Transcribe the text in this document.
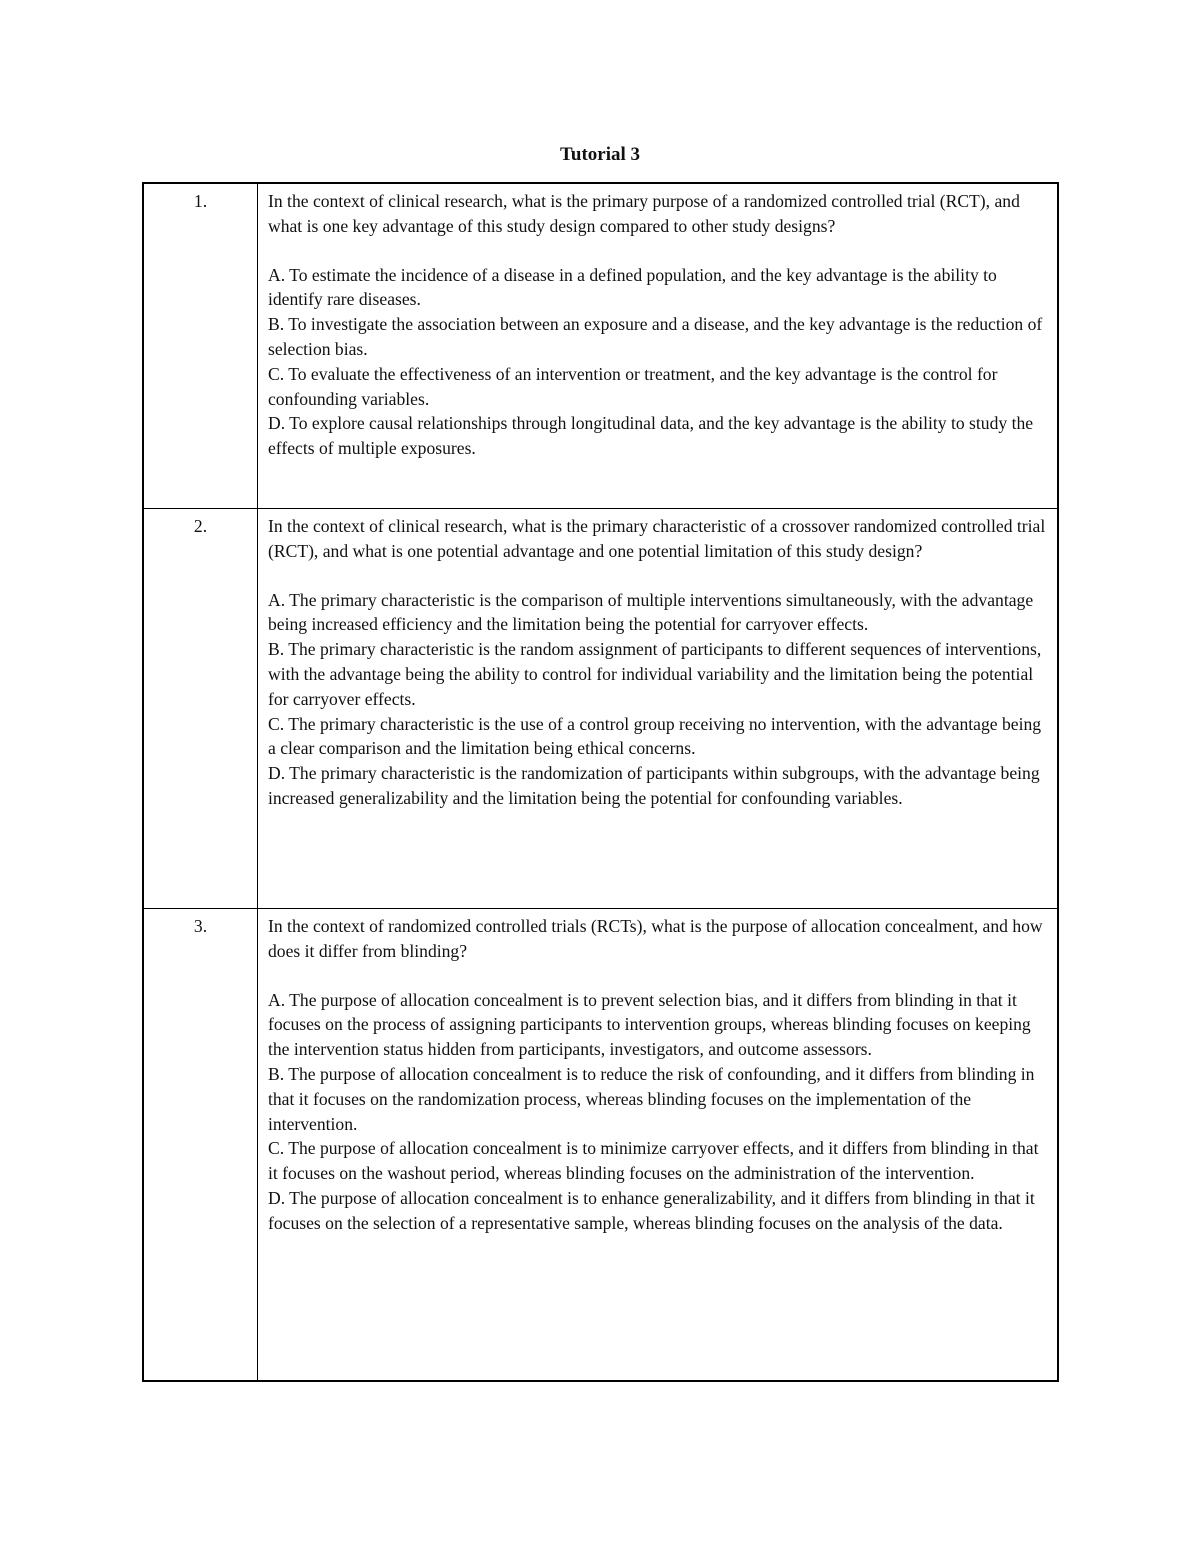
Tutorial 3
1.	In the context of clinical research, what is the primary purpose of a randomized controlled trial (RCT), and what is one key advantage of this study design compared to other study designs?

A. To estimate the incidence of a disease in a defined population, and the key advantage is the ability to identify rare diseases.

B. To investigate the association between an exposure and a disease, and the key advantage is the reduction of selection bias.

C. To evaluate the effectiveness of an intervention or treatment, and the key advantage is the control for confounding variables.

D. To explore causal relationships through longitudinal data, and the key advantage is the ability to study the effects of multiple exposures.

2.	In the context of clinical research, what is the primary characteristic of a crossover randomized controlled trial (RCT), and what is one potential advantage and one potential limitation of this study design?

A. The primary characteristic is the comparison of multiple interventions simultaneously, with the advantage being increased efficiency and the limitation being the potential for carryover effects.

B. The primary characteristic is the random assignment of participants to different sequences of interventions, with the advantage being the ability to control for individual variability and the limitation being the potential for carryover effects.

C. The primary characteristic is the use of a control group receiving no intervention, with the advantage being a clear comparison and the limitation being ethical concerns.

D. The primary characteristic is the randomization of participants within subgroups, with the advantage being increased generalizability and the limitation being the potential for confounding variables.

3.	In the context of randomized controlled trials (RCTs), what is the purpose of allocation concealment, and how does it differ from blinding?

A. The purpose of allocation concealment is to prevent selection bias, and it differs from blinding in that it focuses on the process of assigning participants to intervention groups, whereas blinding focuses on keeping the intervention status hidden from participants, investigators, and outcome assessors.

B. The purpose of allocation concealment is to reduce the risk of confounding, and it differs from blinding in that it focuses on the randomization process, whereas blinding focuses on the implementation of the intervention.

C. The purpose of allocation concealment is to minimize carryover effects, and it differs from blinding in that it focuses on the washout period, whereas blinding focuses on the administration of the intervention.

D. The purpose of allocation concealment is to enhance generalizability, and it differs from blinding in that it focuses on the selection of a representative sample, whereas blinding focuses on the analysis of the data.
